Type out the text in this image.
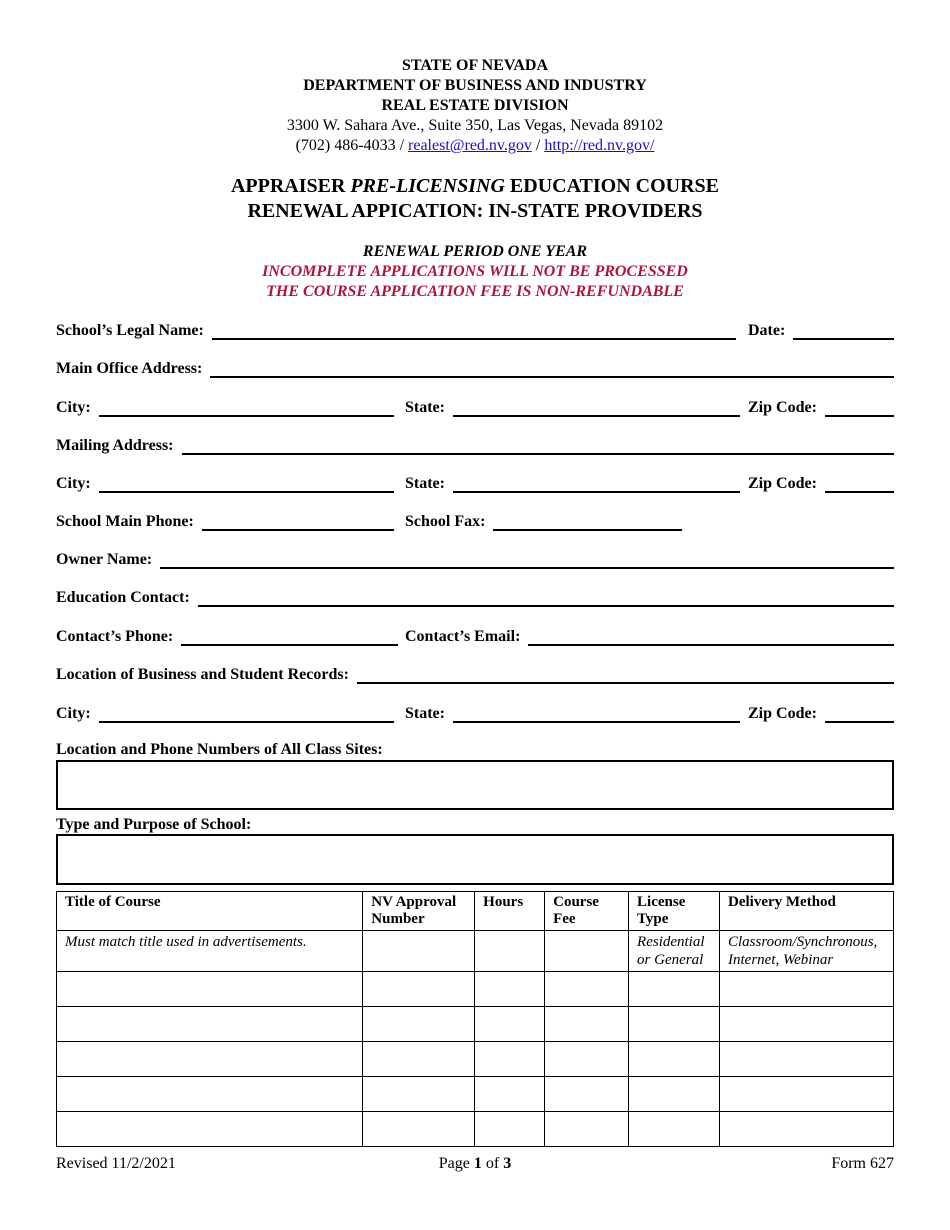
STATE OF NEVADA
DEPARTMENT OF BUSINESS AND INDUSTRY
REAL ESTATE DIVISION
3300 W. Sahara Ave., Suite 350, Las Vegas, Nevada 89102
(702) 486-4033 / realest@red.nv.gov / http://red.nv.gov/
APPRAISER PRE-LICENSING EDUCATION COURSE
RENEWAL APPICATION: IN-STATE PROVIDERS
RENEWAL PERIOD ONE YEAR
INCOMPLETE APPLICATIONS WILL NOT BE PROCESSED
THE COURSE APPLICATION FEE IS NON-REFUNDABLE
School’s Legal Name:	Date:
Main Office Address:
City:	State:	Zip Code:
Mailing Address:
City:	State:	Zip Code:
School Main Phone:	School Fax:
Owner Name:
Education Contact:
Contact’s Phone:	Contact’s Email:
Location of Business and Student Records:
City:	State:	Zip Code:
Location and Phone Numbers of All Class Sites:
Type and Purpose of School:
Title of Course	NV Approval Number	Hours	Course Fee	License Type	Delivery Method
Must match title used in advertisements.				Residential or General	Classroom/Synchronous, Internet, Webinar

Revised 11/2/2021	Page 1 of 3	Form 627
